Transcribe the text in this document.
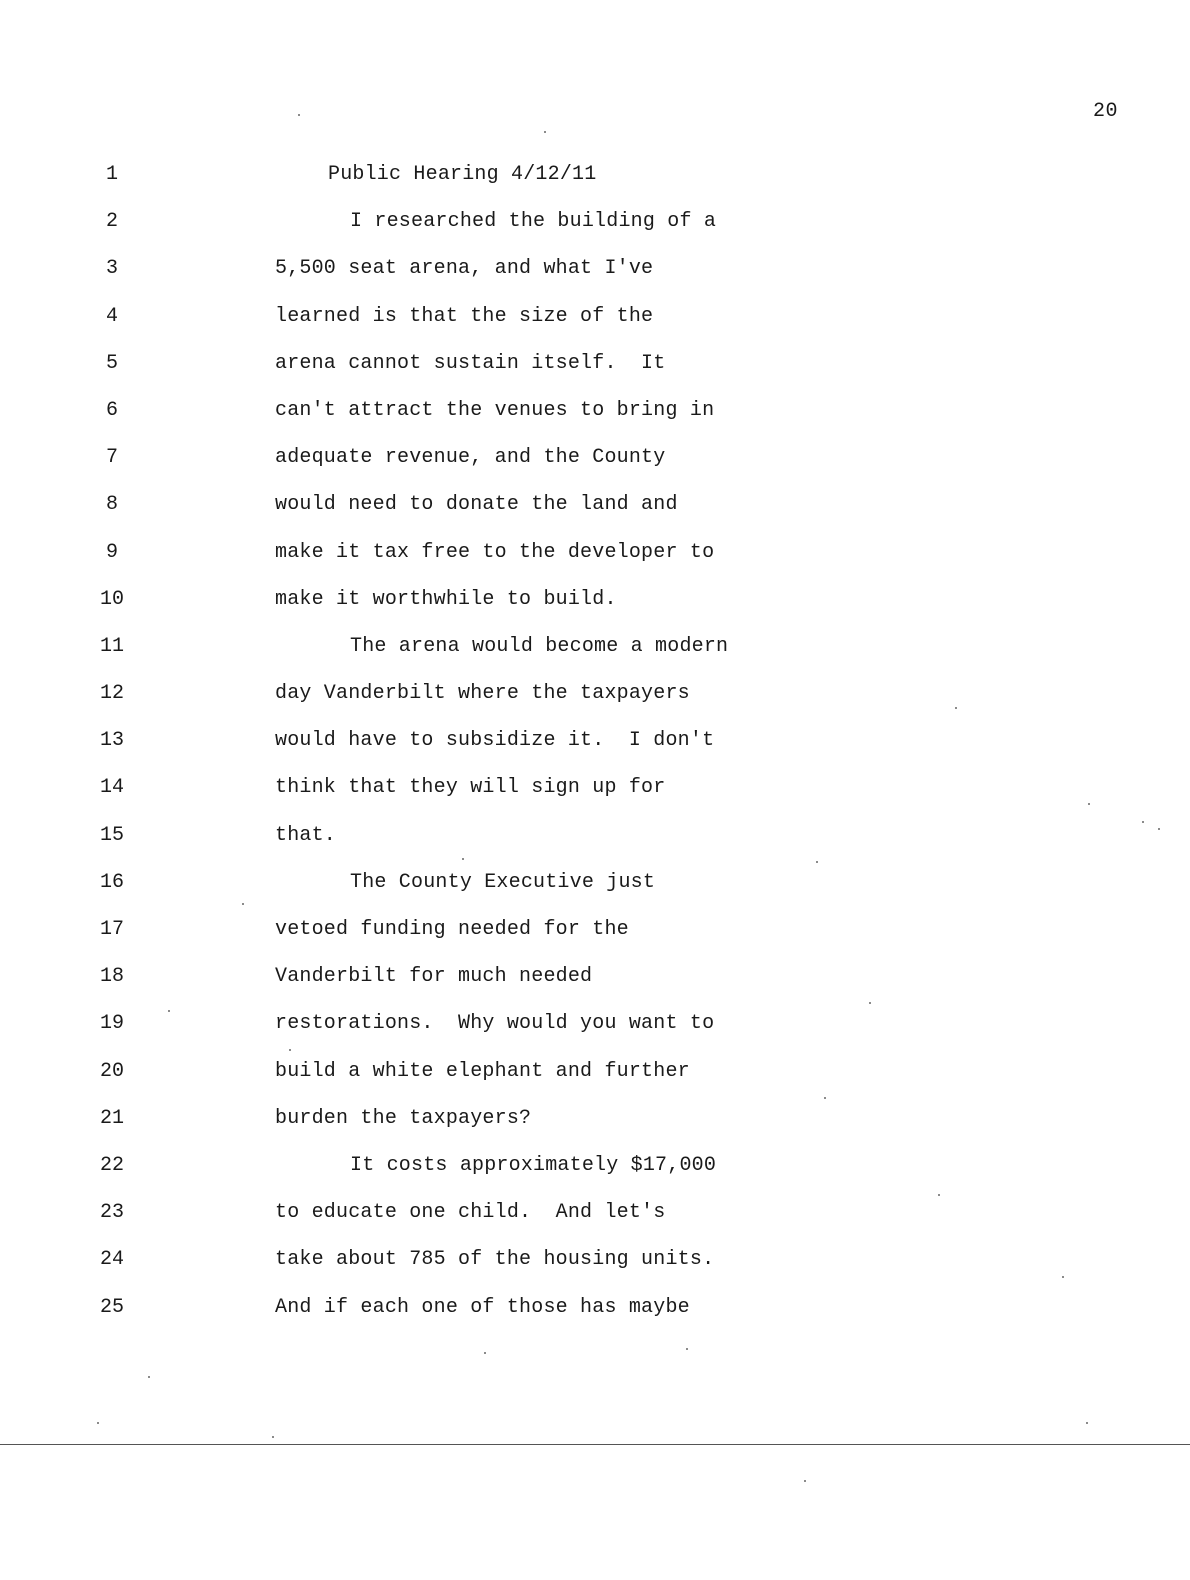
20
1	Public Hearing 4/12/11
2	I researched the building of a
3	5,500 seat arena, and what I've
4	learned is that the size of the
5	arena cannot sustain itself.  It
6	can't attract the venues to bring in
7	adequate revenue, and the County
8	would need to donate the land and
9	make it tax free to the developer to
10	make it worthwhile to build.
11	The arena would become a modern
12	day Vanderbilt where the taxpayers
13	would have to subsidize it.  I don't
14	think that they will sign up for
15	that.
16	The County Executive just
17	vetoed funding needed for the
18	Vanderbilt for much needed
19	restorations.  Why would you want to
20	build a white elephant and further
21	burden the taxpayers?
22	It costs approximately $17,000
23	to educate one child.  And let's
24	take about 785 of the housing units.
25	And if each one of those has maybe
